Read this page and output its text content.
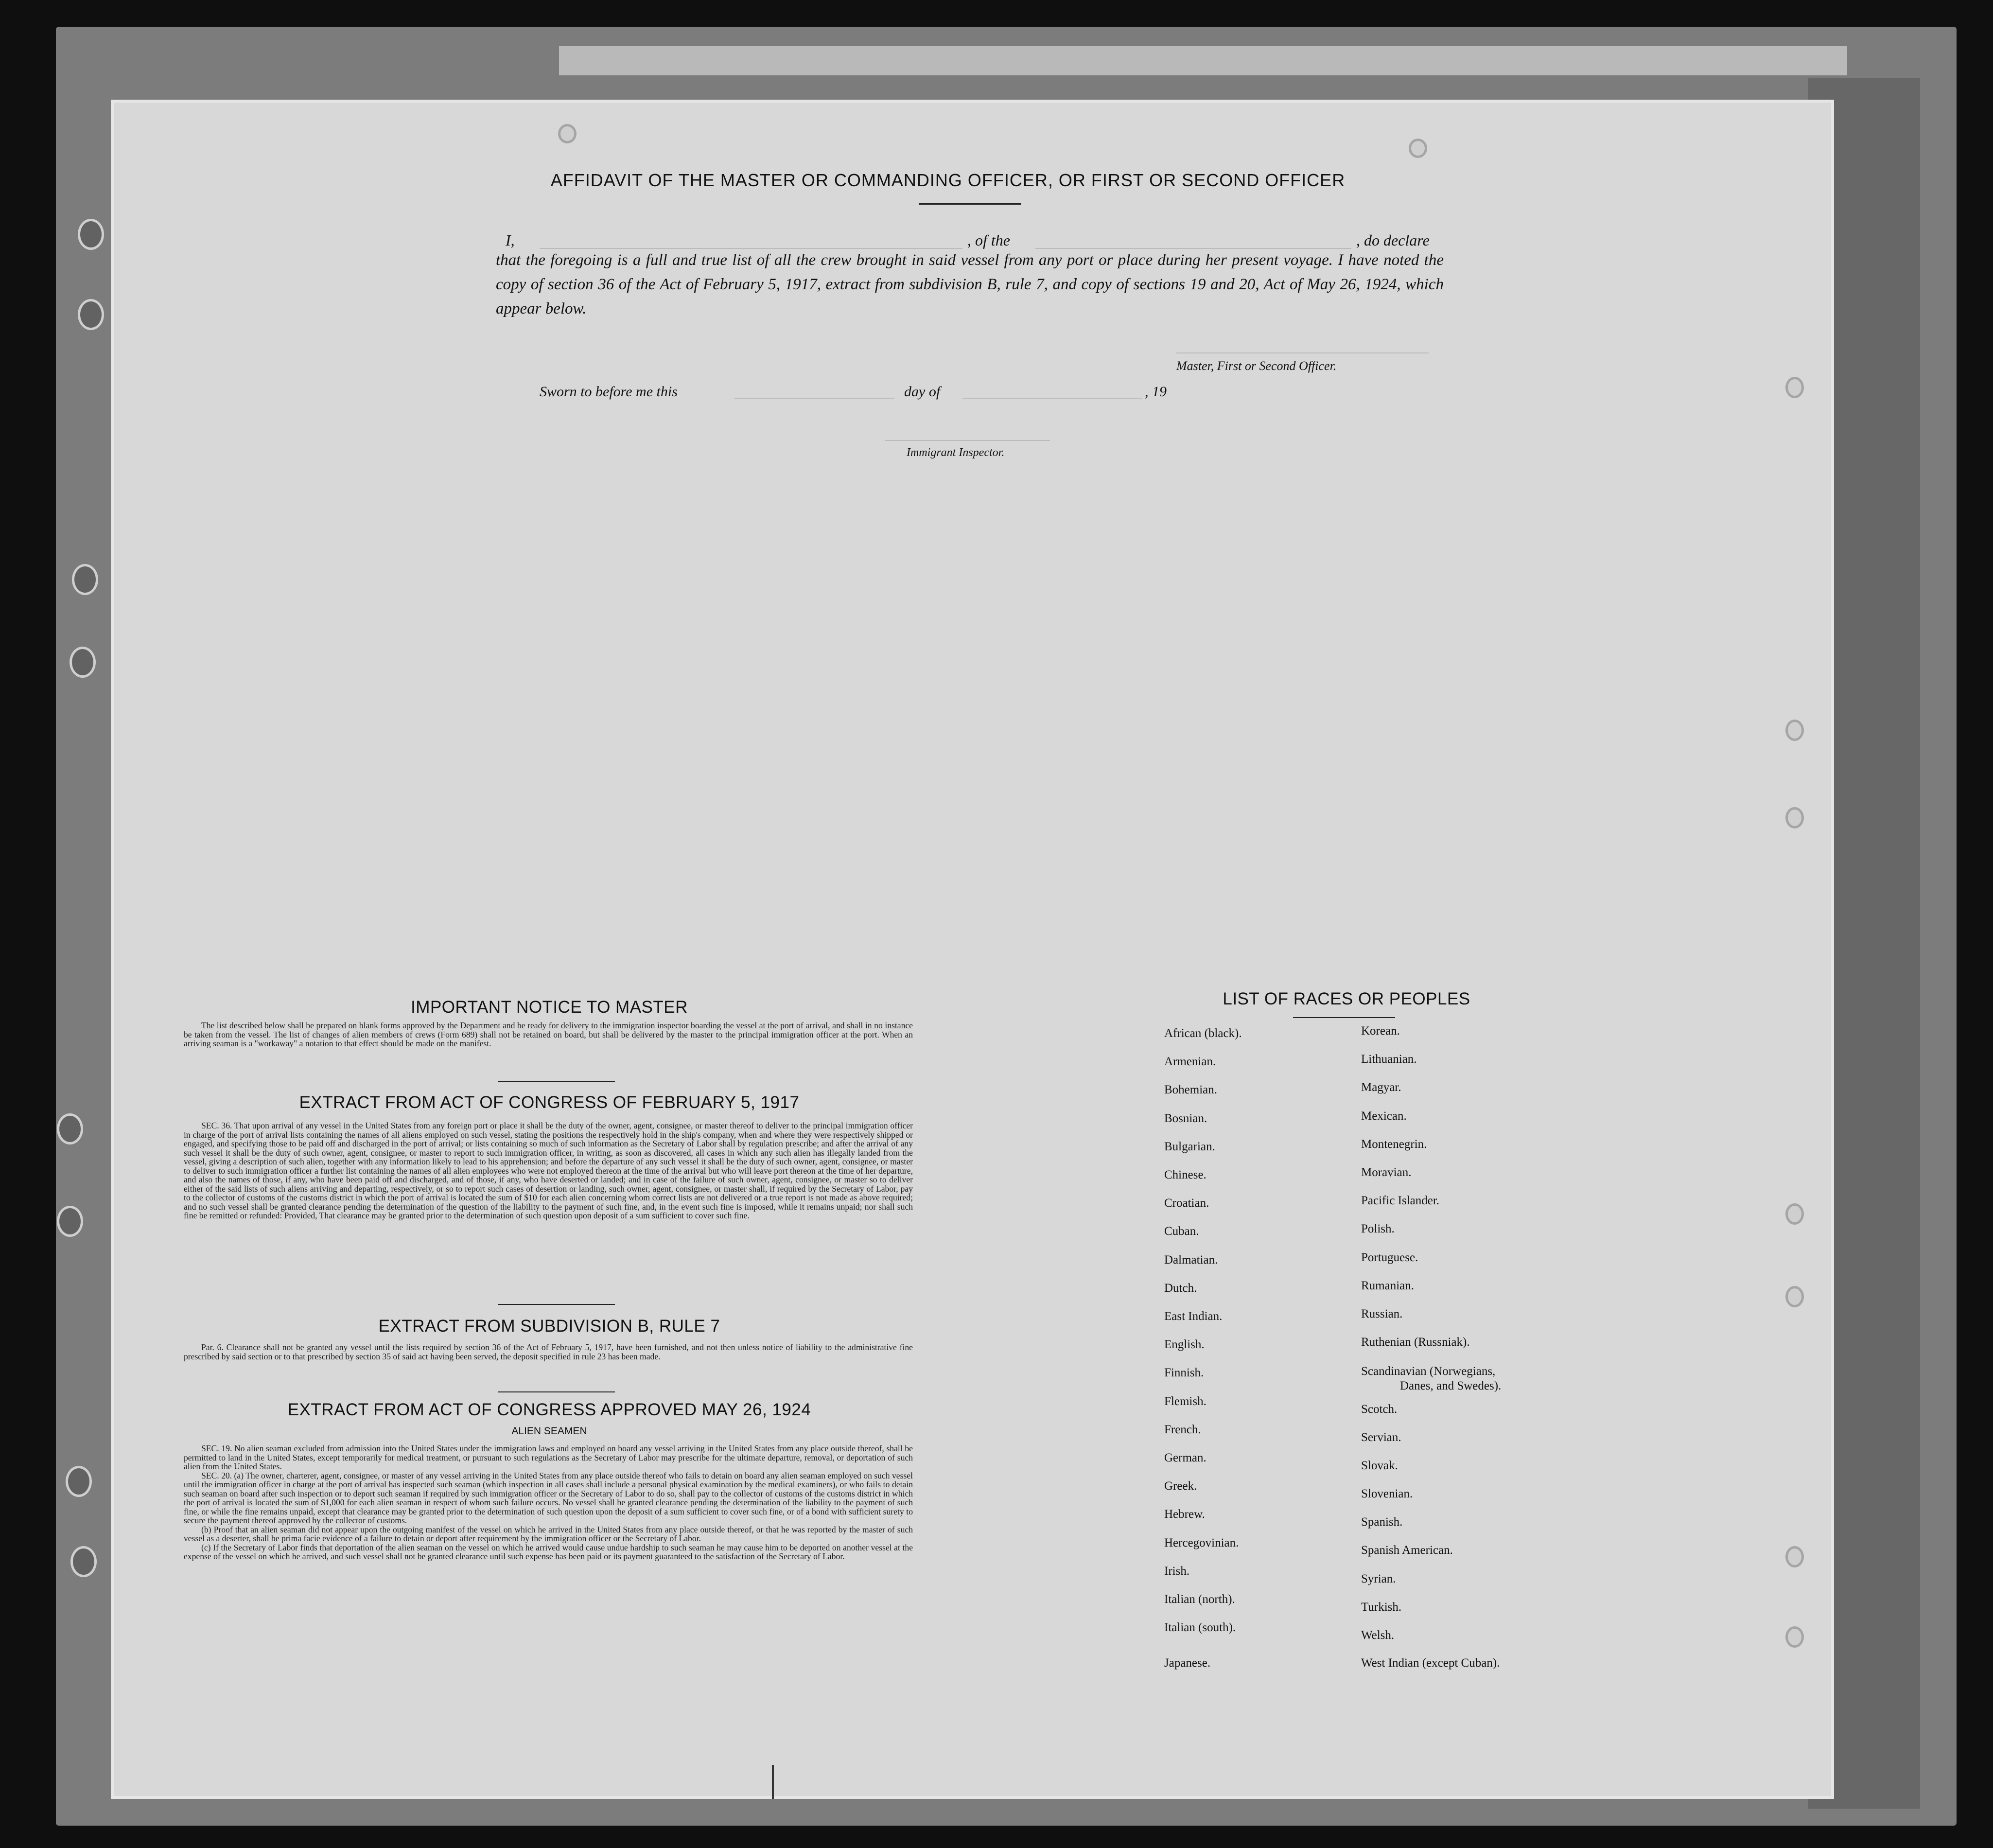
AFFIDAVIT OF THE MASTER OR COMMANDING OFFICER, OR FIRST OR SECOND OFFICER
I,	, of the	, do declare
that the foregoing is a full and true list of all the crew brought in said vessel from any port or place during her present voyage. I have noted the copy of section 36 of the Act of February 5, 1917, extract from subdivision B, rule 7, and copy of sections 19 and 20, Act of May 26, 1924, which appear below.
Master, First or Second Officer.
Sworn to before me this	day of	, 19
Immigrant Inspector.
IMPORTANT NOTICE TO MASTER

The list described below shall be prepared on blank forms approved by the Department and be ready for delivery to the immigration inspector boarding the vessel at the port of arrival, and shall in no instance be taken from the vessel. The list of changes of alien members of crews (Form 689) shall not be retained on board, but shall be delivered by the master to the principal immigration officer at the port. When an arriving seaman is a "workaway" a notation to that effect should be made on the manifest.

EXTRACT FROM ACT OF CONGRESS OF FEBRUARY 5, 1917

SEC. 36. That upon arrival of any vessel in the United States from any foreign port or place it shall be the duty of the owner, agent, consignee, or master thereof to deliver to the principal immigration officer in charge of the port of arrival lists containing the names of all aliens employed on such vessel, stating the positions the respectively hold in the ship's company, when and where they were respectively shipped or engaged, and specifying those to be paid off and discharged in the port of arrival; or lists containing so much of such information as the Secretary of Labor shall by regulation prescribe; and after the arrival of any such vessel it shall be the duty of such owner, agent, consignee, or master to report to such immigration officer, in writing, as soon as discovered, all cases in which any such alien has illegally landed from the vessel, giving a description of such alien, together with any information likely to lead to his apprehension; and before the departure of any such vessel it shall be the duty of such owner, agent, consignee, or master to deliver to such immigration officer a further list containing the names of all alien employees who were not employed thereon at the time of the arrival but who will leave port thereon at the time of her departure, and also the names of those, if any, who have been paid off and discharged, and of those, if any, who have deserted or landed; and in case of the failure of such owner, agent, consignee, or master so to deliver either of the said lists of such aliens arriving and departing, respectively, or so to report such cases of desertion or landing, such owner, agent, consignee, or master shall, if required by the Secretary of Labor, pay to the collector of customs of the customs district in which the port of arrival is located the sum of $10 for each alien concerning whom correct lists are not delivered or a true report is not made as above required; and no such vessel shall be granted clearance pending the determination of the question of the liability to the payment of such fine, and, in the event such fine is imposed, while it remains unpaid; nor shall such fine be remitted or refunded: Provided, That clearance may be granted prior to the determination of such question upon deposit of a sum sufficient to cover such fine.

EXTRACT FROM SUBDIVISION B, RULE 7

Par. 6. Clearance shall not be granted any vessel until the lists required by section 36 of the Act of February 5, 1917, have been furnished, and not then unless notice of liability to the administrative fine prescribed by said section or to that prescribed by section 35 of said act having been served, the deposit specified in rule 23 has been made.

EXTRACT FROM ACT OF CONGRESS APPROVED MAY 26, 1924
ALIEN SEAMEN

SEC. 19. No alien seaman excluded from admission into the United States under the immigration laws and employed on board any vessel arriving in the United States from any place outside thereof, shall be permitted to land in the United States, except temporarily for medical treatment, or pursuant to such regulations as the Secretary of Labor may prescribe for the ultimate departure, removal, or deportation of such alien from the United States.

SEC. 20. (a) The owner, charterer, agent, consignee, or master of any vessel arriving in the United States from any place outside thereof who fails to detain on board any alien seaman employed on such vessel until the immigration officer in charge at the port of arrival has inspected such seaman (which inspection in all cases shall include a personal physical examination by the medical examiners), or who fails to detain such seaman on board after such inspection or to deport such seaman if required by such immigration officer or the Secretary of Labor to do so, shall pay to the collector of customs of the customs district in which the port of arrival is located the sum of $1,000 for each alien seaman in respect of whom such failure occurs. No vessel shall be granted clearance pending the determination of the liability to the payment of such fine, or while the fine remains unpaid, except that clearance may be granted prior to the determination of such question upon the deposit of a sum sufficient to cover such fine, or of a bond with sufficient surety to secure the payment thereof approved by the collector of customs.

(b) Proof that an alien seaman did not appear upon the outgoing manifest of the vessel on which he arrived in the United States from any place outside thereof, or that he was reported by the master of such vessel as a deserter, shall be prima facie evidence of a failure to detain or deport after requirement by the immigration officer or the Secretary of Labor.

(c) If the Secretary of Labor finds that deportation of the alien seaman on the vessel on which he arrived would cause undue hardship to such seaman he may cause him to be deported on another vessel at the expense of the vessel on which he arrived, and such vessel shall not be granted clearance until such expense has been paid or its payment guaranteed to the satisfaction of the Secretary of Labor.

LIST OF RACES OR PEOPLES
African (black).
Armenian.
Bohemian.
Bosnian.
Bulgarian.
Chinese.
Croatian.
Cuban.
Dalmatian.
Dutch.
East Indian.
English.
Finnish.
Flemish.
French.
German.
Greek.
Hebrew.
Hercegovinian.
Irish.
Italian (north).
Italian (south).
Japanese.
Korean.
Lithuanian.
Magyar.
Mexican.
Montenegrin.
Moravian.
Pacific Islander.
Polish.
Portuguese.
Rumanian.
Russian.
Ruthenian (Russniak).
Scandinavian (Norwegians,
Danes, and Swedes).
Scotch.
Servian.
Slovak.
Slovenian.
Spanish.
Spanish American.
Syrian.
Turkish.
Welsh.
West Indian (except Cuban).
